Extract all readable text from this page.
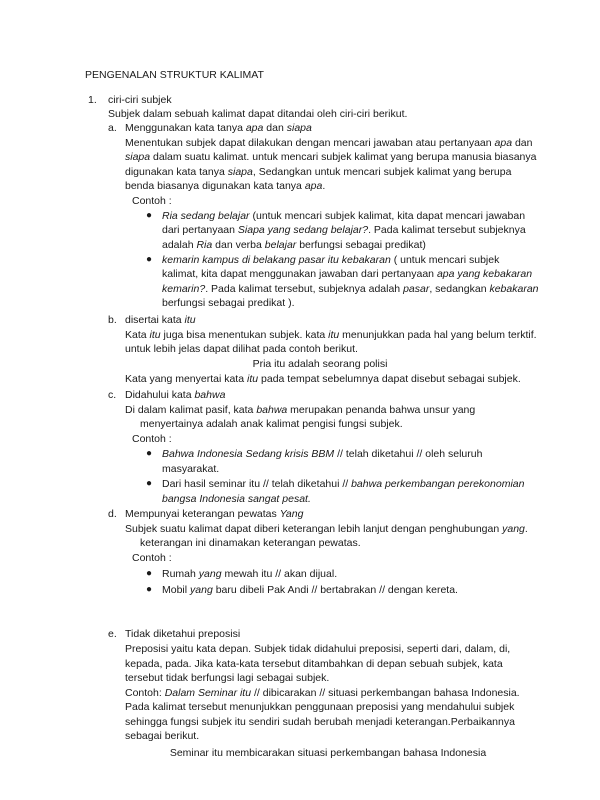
PENGENALAN STRUKTUR KALIMAT
1. ciri-ciri subjek
Subjek dalam sebuah kalimat dapat ditandai oleh ciri-ciri berikut.
a. Menggunakan kata tanya apa dan siapa
Menentukan subjek dapat dilakukan dengan mencari jawaban atau pertanyaan apa dan
siapa dalam suatu kalimat. untuk mencari subjek kalimat yang berupa manusia biasanya
digunakan kata tanya siapa, Sedangkan untuk mencari subjek kalimat yang berupa
benda biasanya digunakan kata tanya apa.
Contoh :
● Ria sedang belajar (untuk mencari subjek kalimat, kita dapat mencari jawaban
dari pertanyaan Siapa yang sedang belajar?. Pada kalimat tersebut subjeknya
adalah Ria dan verba belajar berfungsi sebagai predikat)
● kemarin kampus di belakang pasar itu kebakaran ( untuk mencari subjek
kalimat, kita dapat menggunakan jawaban dari pertanyaan apa yang kebakaran
kemarin?. Pada kalimat tersebut, subjeknya adalah pasar, sedangkan kebakaran
berfungsi sebagai predikat ).
b. disertai kata itu
Kata itu juga bisa menentukan subjek. kata itu menunjukkan pada hal yang belum terktif.
untuk lebih jelas dapat dilihat pada contoh berikut.
Pria itu adalah seorang polisi
Kata yang menyertai kata itu pada tempat sebelumnya dapat disebut sebagai subjek.
c. Didahului kata bahwa
Di dalam kalimat pasif, kata bahwa merupakan penanda bahwa unsur yang
menyertainya adalah anak kalimat pengisi fungsi subjek.
Contoh :
● Bahwa Indonesia Sedang krisis BBM // telah diketahui // oleh seluruh
masyarakat.
● Dari hasil seminar itu // telah diketahui // bahwa perkembangan perekonomian
bangsa Indonesia sangat pesat.
d. Mempunyai keterangan pewatas Yang
Subjek suatu kalimat dapat diberi keterangan lebih lanjut dengan penghubungan yang.
keterangan ini dinamakan keterangan pewatas.
Contoh :
● Rumah yang mewah itu // akan dijual.
● Mobil yang baru dibeli Pak Andi // bertabrakan // dengan kereta.
e. Tidak diketahui preposisi
Preposisi yaitu kata depan. Subjek tidak didahului preposisi, seperti dari, dalam, di,
kepada, pada. Jika kata-kata tersebut ditambahkan di depan sebuah subjek, kata
tersebut tidak berfungsi lagi sebagai subjek.
Contoh: Dalam Seminar itu // dibicarakan // situasi perkembangan bahasa Indonesia.
Pada kalimat tersebut menunjukkan penggunaan preposisi yang mendahului subjek
sehingga fungsi subjek itu sendiri sudah berubah menjadi keterangan.Perbaikannya
sebagai berikut.
Seminar itu membicarakan situasi perkembangan bahasa Indonesia
